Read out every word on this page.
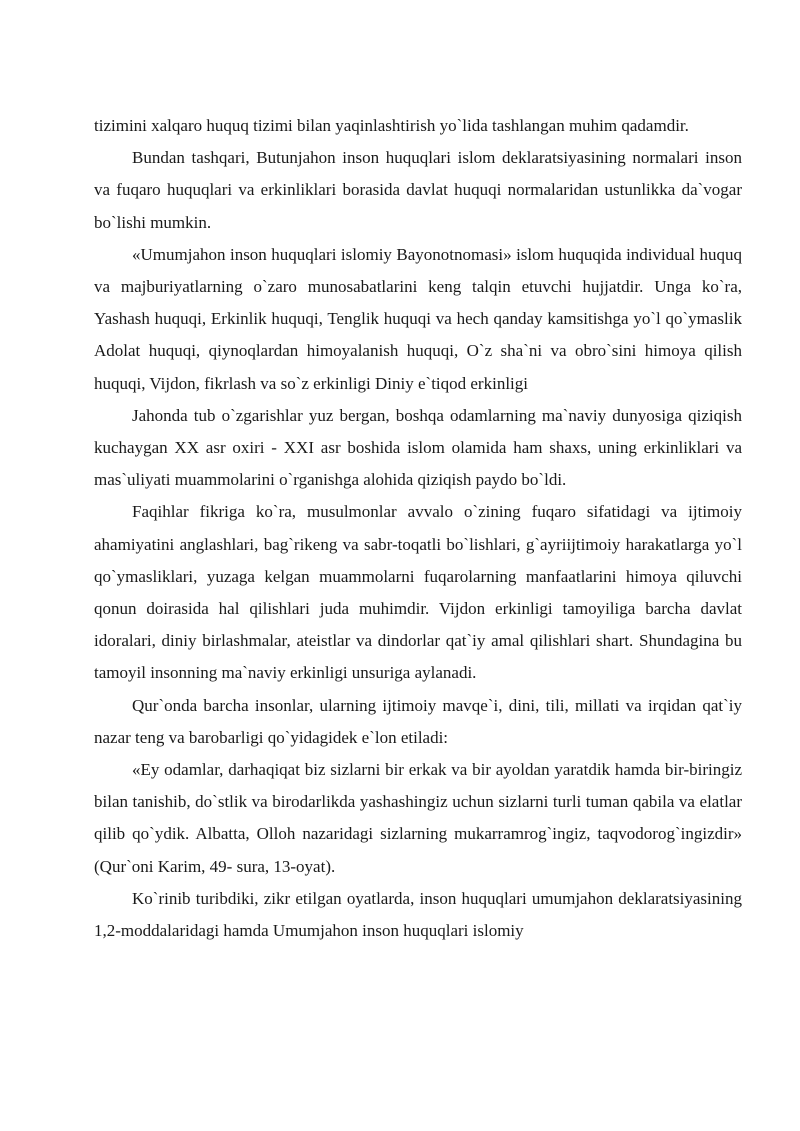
tizimini xalqaro huquq tizimi bilan yaqinlashtirish yo`lida tashlangan muhim qadamdir.

Bundan tashqari, Butunjahon inson huquqlari islom deklaratsiyasining normalari inson va fuqaro huquqlari va erkinliklari borasida davlat huquqi normalaridan ustunlikka da`vogar bo`lishi mumkin.

«Umumjahon inson huquqlari islomiy Bayonotnomasi» islom huquqida individual huquq va majburiyatlarning o`zaro munosabatlarini keng talqin etuvchi hujjatdir. Unga ko`ra, Yashash huquqi, Erkinlik huquqi, Tenglik huquqi va hech qanday kamsitishga yo`l qo`ymaslik Adolat huquqi, qiynoqlardan himoyalanish huquqi, O`z sha`ni va obro`sini himoya qilish huquqi, Vijdon, fikrlash va so`z erkinligi Diniy e`tiqod erkinligi

Jahonda tub o`zgarishlar yuz bergan, boshqa odamlarning ma`naviy dunyosiga qiziqish kuchaygan XX asr oxiri - XXI asr boshida islom olamida ham shaxs, uning erkinliklari va mas`uliyati muammolarini o`rganishga alohida qiziqish paydo bo`ldi.

Faqihlar fikriga ko`ra, musulmonlar avvalo o`zining fuqaro sifatidagi va ijtimoiy ahamiyatini anglashlari, bag`rikeng va sabr-toqatli bo`lishlari, g`ayriijtimoiy harakatlarga yo`l qo`ymasliklari, yuzaga kelgan muammolarni fuqarolarning manfaatlarini himoya qiluvchi qonun doirasida hal qilishlari juda muhimdir. Vijdon erkinligi tamoyiliga barcha davlat idoralari, diniy birlashmalar, ateistlar va dindorlar qat`iy amal qilishlari shart. Shundagina bu tamoyil insonning ma`naviy erkinligi unsuriga aylanadi.

Qur`onda barcha insonlar, ularning ijtimoiy mavqe`i, dini, tili, millati va irqidan qat`iy nazar teng va barobarligi qo`yidagidek e`lon etiladi:

«Ey odamlar, darhaqiqat biz sizlarni bir erkak va bir ayoldan yaratdik hamda bir-biringiz bilan tanishib, do`stlik va birodarlikda yashashingiz uchun sizlarni turli tuman qabila va elatlar qilib qo`ydik. Albatta, Olloh nazaridagi sizlarning mukarramrog`ingiz, taqvodorog`ingizdir» (Qur`oni Karim, 49- sura, 13-oyat).

Ko`rinib turibdiki, zikr etilgan oyatlarda, inson huquqlari umumjahon deklaratsiyasining 1,2-moddalaridagi hamda Umumjahon inson huquqlari islomiy
